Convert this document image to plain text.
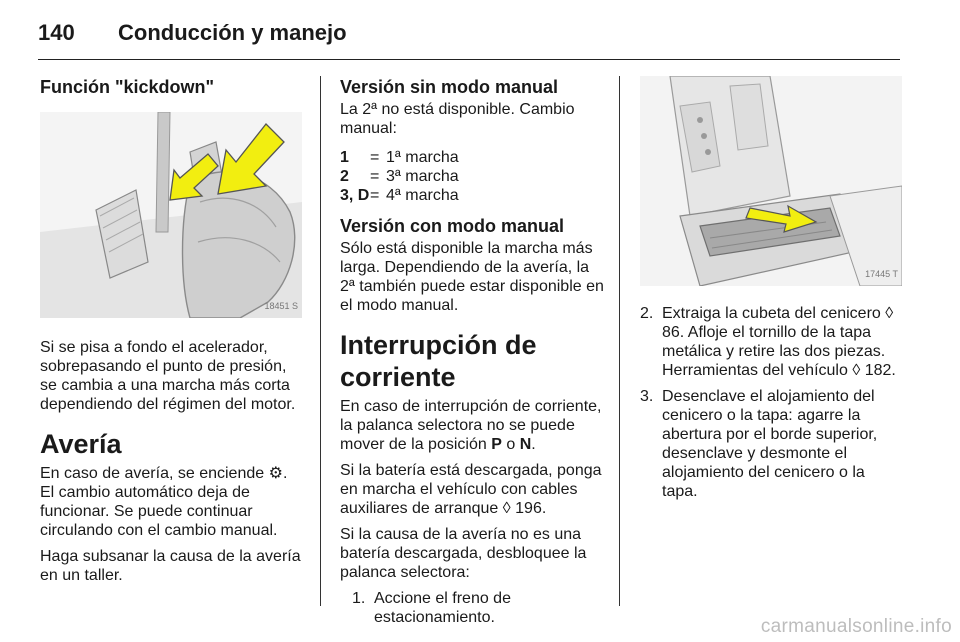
140 Conducción y manejo
Función "kickdown"
18451 S

Si se pisa a fondo el acelerador, sobrepasando el punto de presión, se cambia a una marcha más corta dependiendo del régimen del motor.

Avería

En caso de avería, se enciende ⚙.

El cambio automático deja de funcionar. Se puede continuar circulando con el cambio manual.

Haga subsanar la causa de la avería en un taller.

Versión sin modo manual

La 2ª no está disponible. Cambio manual:

1	= 1ª marcha
2	= 3ª marcha
3, D = 4ª marcha
Versión con modo manual

Sólo está disponible la marcha más larga. Dependiendo de la avería, la 2ª también puede estar disponible en el modo manual.

Interrupción de corriente

En caso de interrupción de corriente, la palanca selectora no se puede mover de la posición P o N.

Si la batería está descargada, ponga en marcha el vehículo con cables auxiliares de arranque ◊ 196.

Si la causa de la avería no es una batería descargada, desbloquee la palanca selectora:

1. Accione el freno de estacionamiento.
17445 T
2. Extraiga la cubeta del cenicero ◊ 86. Afloje el tornillo de la tapa metálica y retire las dos piezas. Herramientas del vehículo ◊ 182.
3. Desenclave el alojamiento del cenicero o la tapa: agarre la abertura por el borde superior, desenclave y desmonte el alojamiento del cenicero o la tapa.
carmanualsonline.info
